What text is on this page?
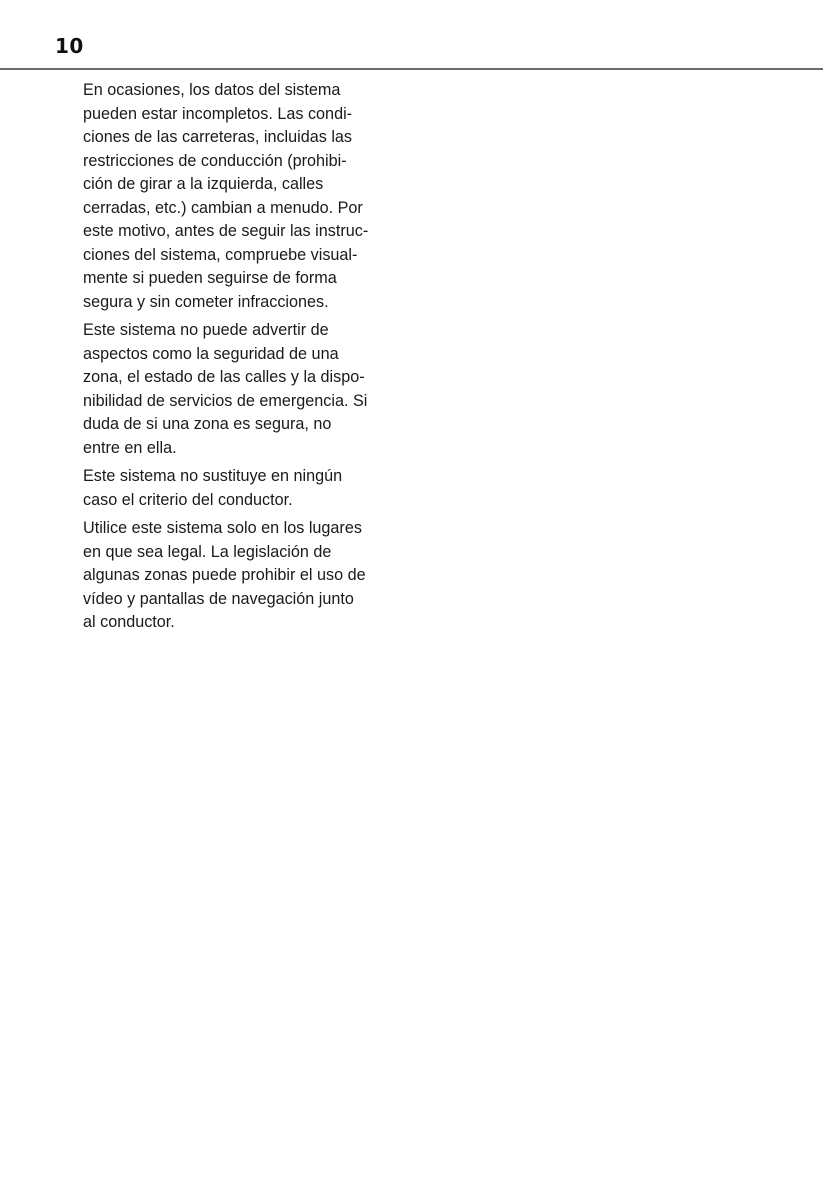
10

En ocasiones, los datos del sistema
pueden estar incompletos. Las condi-
ciones de las carreteras, incluidas las
restricciones de conducción (prohibi-
ción de girar a la izquierda, calles
cerradas, etc.) cambian a menudo. Por
este motivo, antes de seguir las instruc-
ciones del sistema, compruebe visual-
mente si pueden seguirse de forma
segura y sin cometer infracciones.

Este sistema no puede advertir de
aspectos como la seguridad de una
zona, el estado de las calles y la dispo-
nibilidad de servicios de emergencia. Si
duda de si una zona es segura, no
entre en ella.

Este sistema no sustituye en ningún
caso el criterio del conductor.

Utilice este sistema solo en los lugares
en que sea legal. La legislación de
algunas zonas puede prohibir el uso de
vídeo y pantallas de navegación junto
al conductor.
